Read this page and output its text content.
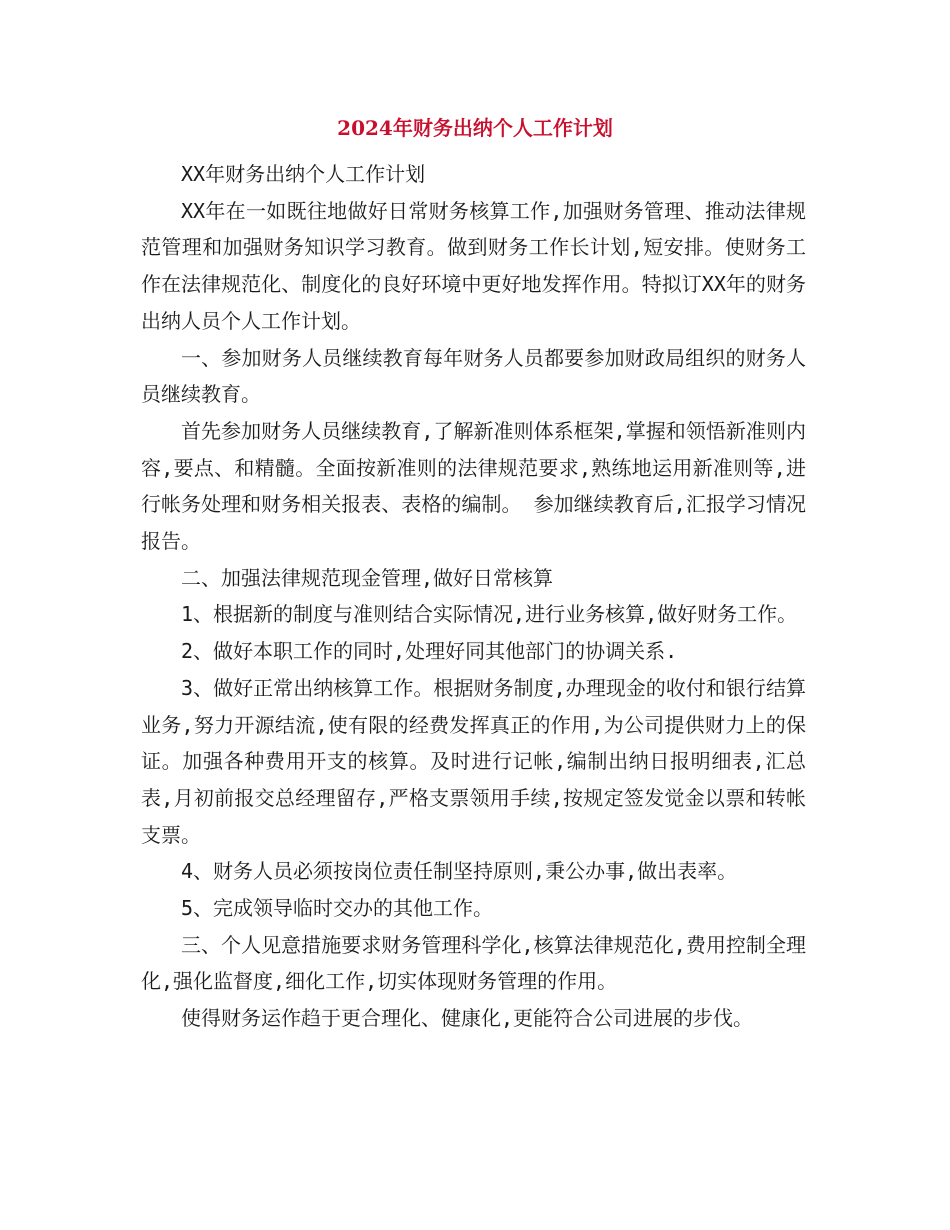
2024年财务出纳个人工作计划

XX年财务出纳个人工作计划

XX年在一如既往地做好日常财务核算工作,加强财务管理、推动法律规范管理和加强财务知识学习教育。做到财务工作长计划,短安排。使财务工作在法律规范化、制度化的良好环境中更好地发挥作用。特拟订XX年的财务出纳人员个人工作计划。

一、参加财务人员继续教育每年财务人员都要参加财政局组织的财务人员继续教育。

首先参加财务人员继续教育,了解新准则体系框架,掌握和领悟新准则内容,要点、和精髓。全面按新准则的法律规范要求,熟练地运用新准则等,进行帐务处理和财务相关报表、表格的编制。 参加继续教育后,汇报学习情况报告。

二、加强法律规范现金管理,做好日常核算

1、根据新的制度与准则结合实际情况,进行业务核算,做好财务工作。

2、做好本职工作的同时,处理好同其他部门的协调关系.

3、做好正常出纳核算工作。根据财务制度,办理现金的收付和银行结算业务,努力开源结流,使有限的经费发挥真正的作用,为公司提供财力上的保证。加强各种费用开支的核算。及时进行记帐,编制出纳日报明细表,汇总表,月初前报交总经理留存,严格支票领用手续,按规定签发觉金以票和转帐支票。

4、财务人员必须按岗位责任制坚持原则,秉公办事,做出表率。

5、完成领导临时交办的其他工作。

三、个人见意措施要求财务管理科学化,核算法律规范化,费用控制全理化,强化监督度,细化工作,切实体现财务管理的作用。

使得财务运作趋于更合理化、健康化,更能符合公司进展的步伐。
